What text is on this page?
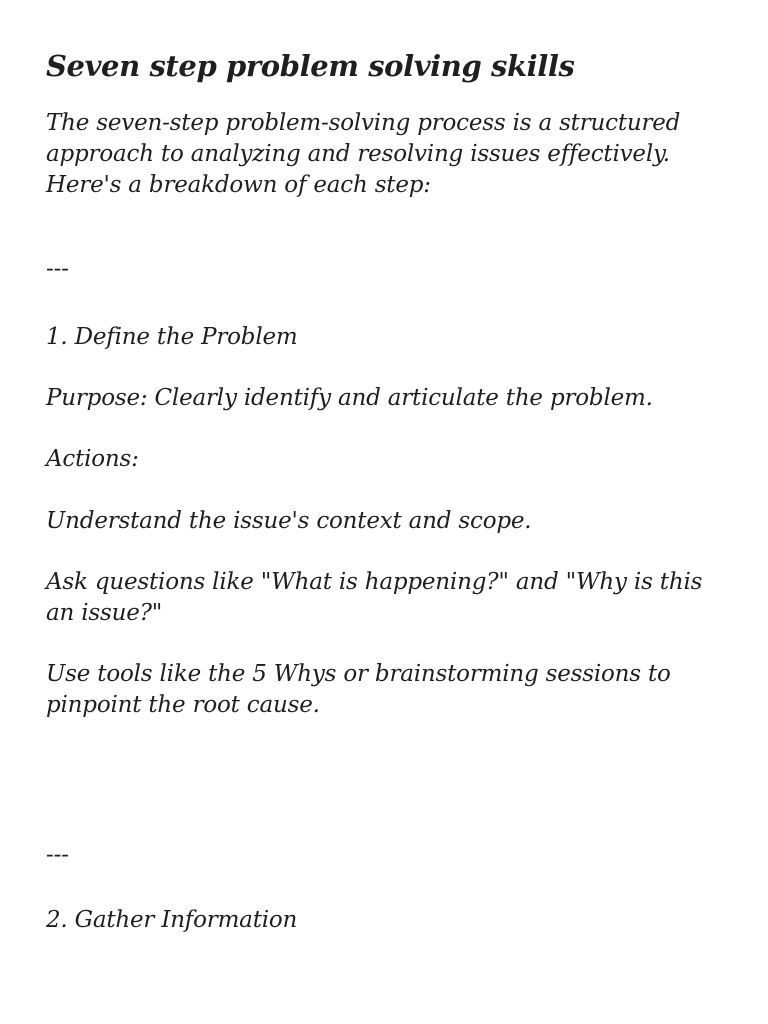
Seven step problem solving skills

The seven-step problem-solving process is a structured approach to analyzing and resolving issues effectively. Here's a breakdown of each step:

---

1. Define the Problem

Purpose: Clearly identify and articulate the problem.

Actions:

Understand the issue's context and scope.

Ask questions like "What is happening?" and "Why is this an issue?"

Use tools like the 5 Whys or brainstorming sessions to pinpoint the root cause.

---

2. Gather Information
